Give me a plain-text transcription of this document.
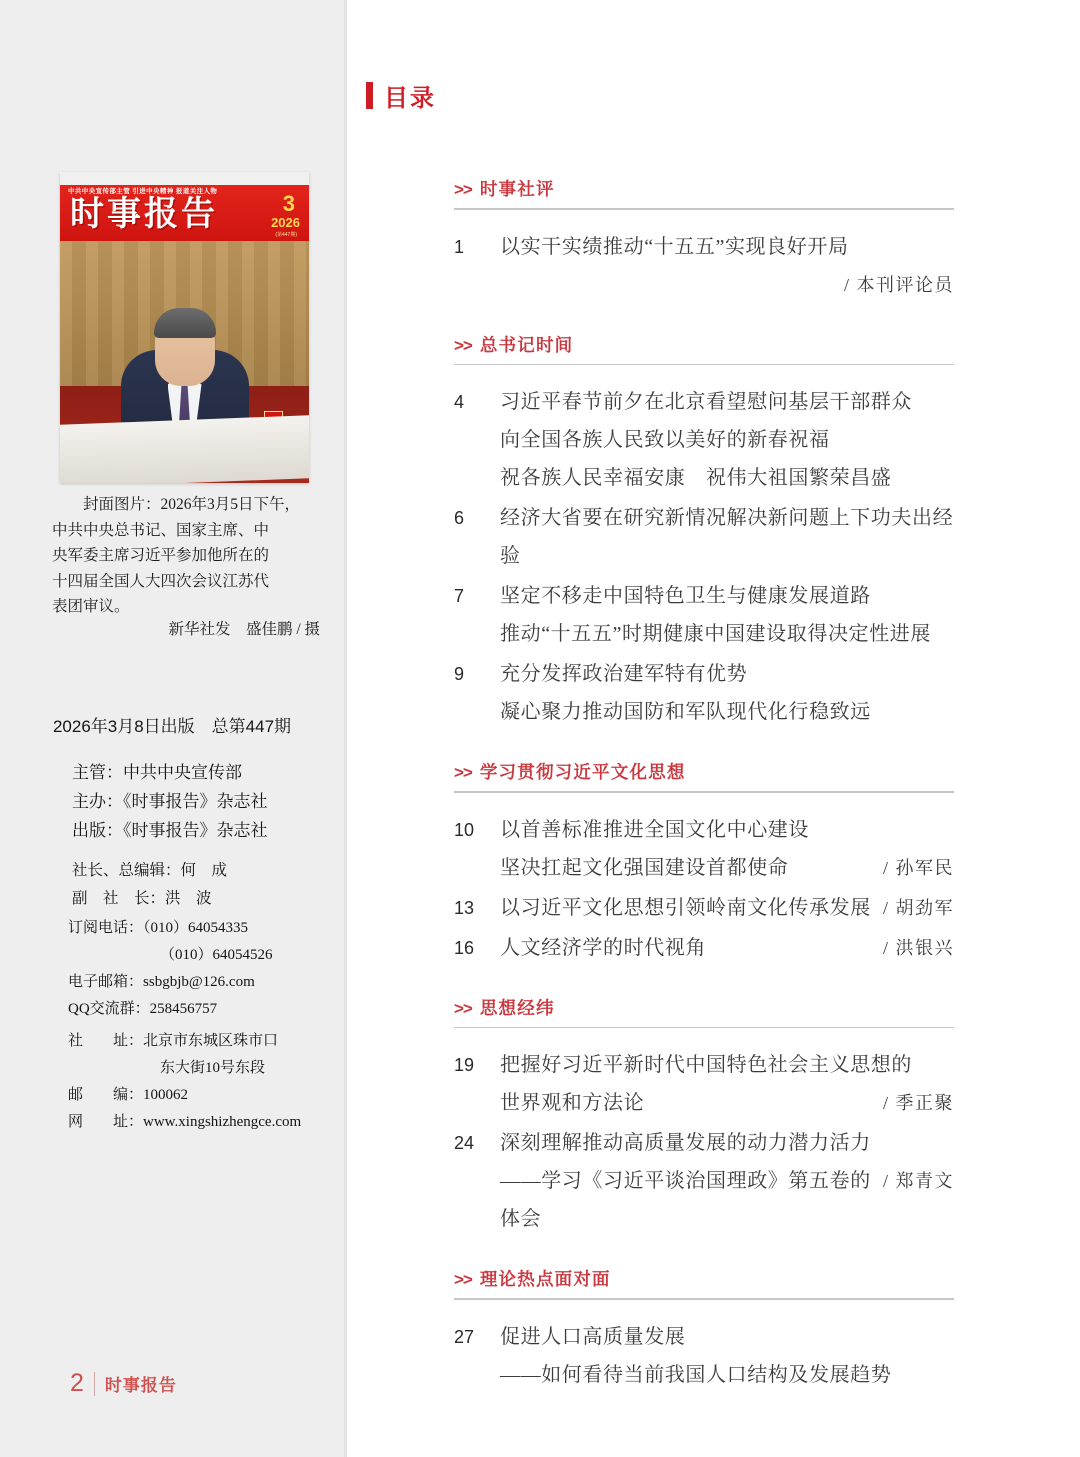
中共中央宣传部主管 引进中央精神 报道关注人物
时事报告	3
2026
(第447期)
封面图片：2026年3月5日下午，
中共中央总书记、国家主席、中
央军委主席习近平参加他所在的
十四届全国人大四次会议江苏代
表团审议。
新华社发　盛佳鹏 / 摄
2026年3月8日出版　总第447期
主管：中共中央宣传部
主办：《时事报告》杂志社
出版：《时事报告》杂志社
社长、总编辑：何　成
副　社　长：洪　波
订阅电话：（010）64054335
（010）64054526
电子邮箱：ssbgbjb@126.com
QQ交流群：258456757
社　　址：北京市东城区珠市口
东大街10号东段
邮　　编：100062
网　　址：www.xingshizhengce.com
2 时事报告
目录
>> 时事社评
1	以实干实绩推动“十五五”实现良好开局
/ 本刊评论员
>> 总书记时间
4	习近平春节前夕在北京看望慰问基层干部群众
向全国各族人民致以美好的新春祝福
祝各族人民幸福安康　祝伟大祖国繁荣昌盛
6	经济大省要在研究新情况解决新问题上下功夫出经验
7	坚定不移走中国特色卫生与健康发展道路
推动“十五五”时期健康中国建设取得决定性进展
9	充分发挥政治建军特有优势
凝心聚力推动国防和军队现代化行稳致远
>> 学习贯彻习近平文化思想
10	以首善标准推进全国文化中心建设
坚决扛起文化强国建设首都使命	/ 孙军民
13	以习近平文化思想引领岭南文化传承发展 / 胡劲军
16	人文经济学的时代视角	/ 洪银兴
>> 思想经纬
19	把握好习近平新时代中国特色社会主义思想的
世界观和方法论	/ 季正聚
24	深刻理解推动高质量发展的动力潜力活力
——学习《习近平谈治国理政》第五卷的体会
/ 郑青文
>> 理论热点面对面
27	促进人口高质量发展
——如何看待当前我国人口结构及发展趋势
